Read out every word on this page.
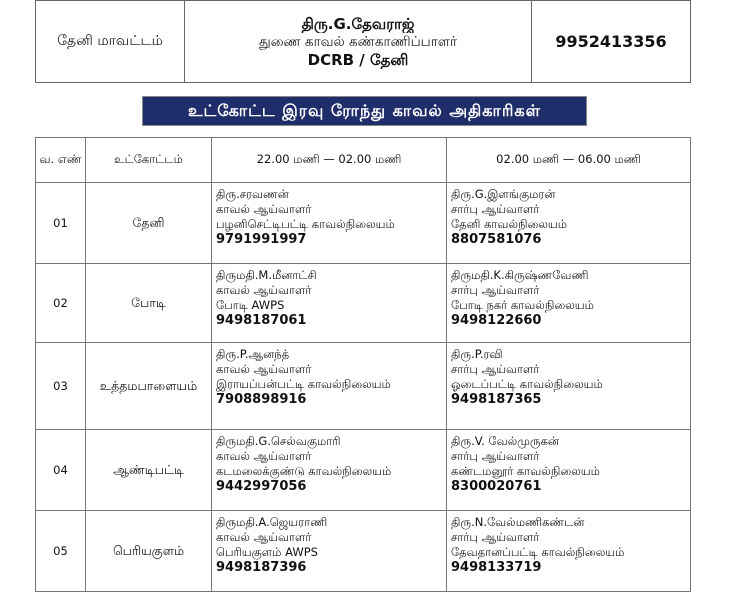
தேனி மாவட்டம்	
திரு.G.தேவராஜ்
துணை காவல் கண்காணிப்பாளர்
DCRB / தேனி
	9952413356
உட்கோட்ட இரவு ரோந்து காவல் அதிகாரிகள்
வ. எண்	உட்கோட்டம்	22.00 மணி — 02.00 மணி	02.00 மணி — 06.00 மணி
01	தேனி	திரு.சரவணன்
காவல் ஆய்வாளர்
பழனிசெட்டிபட்டி காவல்நிலையம்
9791991997	திரு.G.இளங்குமரன்
சார்பு ஆய்வாளர்
தேனி காவல்நிலையம்
8807581076

02	போடி	திருமதி.M.மீனாட்சி
காவல் ஆய்வாளர்
போடி AWPS
9498187061	திருமதி.K.கிருஷ்ணவேணி
சார்பு ஆய்வாளர்
போடி நகர் காவல்நிலையம்
9498122660

03	உத்தமபாளையம்	திரு.P.ஆனந்த்
காவல் ஆய்வாளர்
இராயப்பன்பட்டி காவல்நிலையம்
7908898916	திரு.P.ரவி
சார்பு ஆய்வாளர்
ஓடைப்பட்டி காவல்நிலையம்
9498187365

04	ஆண்டிபட்டி	திருமதி.G.செல்வகுமாரி
காவல் ஆய்வாளர்
கடமலைக்குண்டு காவல்நிலையம்
9442997056	திரு.V. வேல்முருகன்
சார்பு ஆய்வாளர்
கண்டமனூர் காவல்நிலையம்
8300020761

05	பெரியகுளம்	திருமதி.A.ஜெயராணி
காவல் ஆய்வாளர்
பெரியகுளம் AWPS
9498187396	திரு.N.வேல்மணிகண்டன்
சார்பு ஆய்வாளர்
தேவதானப்பட்டி காவல்நிலையம்
9498133719
